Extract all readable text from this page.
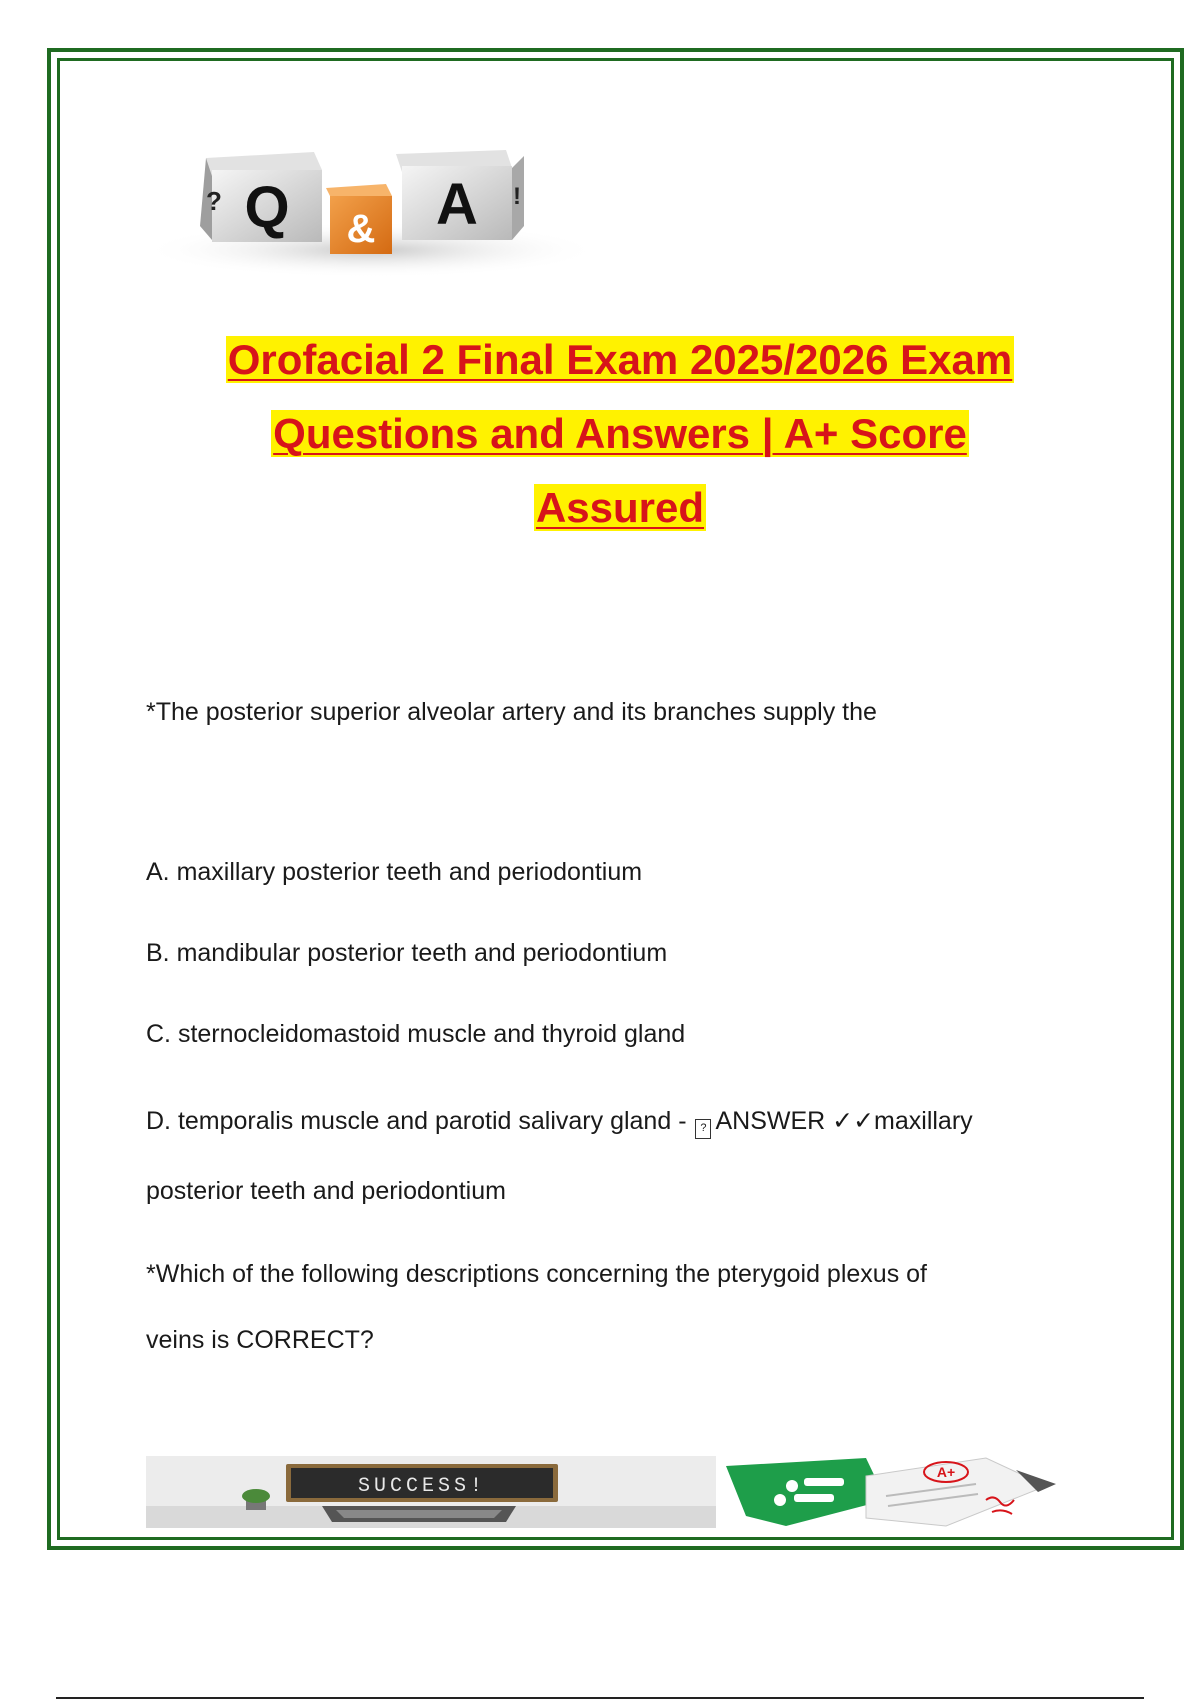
Q
?
& A !
Orofacial 2 Final Exam 2025/2026 Exam
Questions and Answers | A+ Score
Assured
*The posterior superior alveolar artery and its branches supply the
A. maxillary posterior teeth and periodontium
B. mandibular posterior teeth and periodontium
C. sternocleidomastoid muscle and thyroid gland
D. temporalis muscle and parotid salivary gland - ? ANSWER ✓✓maxillary
posterior teeth and periodontium
*Which of the following descriptions concerning the pterygoid plexus of
veins is CORRECT?
SUCCESS!
A+
